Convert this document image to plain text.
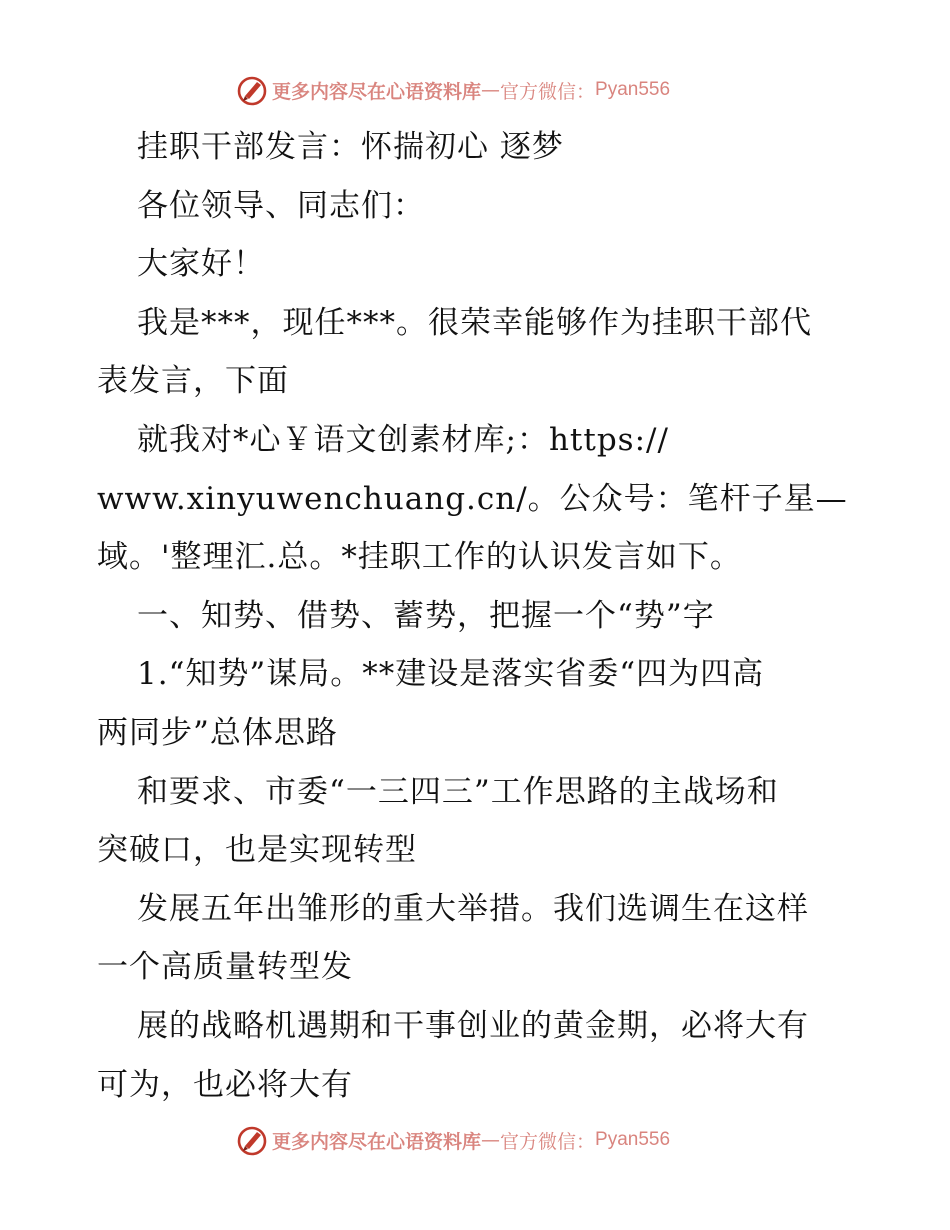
更多内容尽在心语资料库 — 官方微信： Pyan556
挂职干部发言：怀揣初心 逐梦
各位领导、同志们：
大家好！
我是***，现任***。很荣幸能够作为挂职干部代
表发言，下面
就我对*心￥语文创素材库;：https://
www.xinyuwenchuang.cn/。公众号：笔杆子星—
域。'整理汇.总。*挂职工作的认识发言如下。
一、知势、借势、蓄势，把握一个“势”字
1.“知势”谋局。**建设是落实省委“四为四高
两同步”总体思路
和要求、市委“一三四三”工作思路的主战场和
突破口，也是实现转型
发展五年出雏形的重大举措。我们选调生在这样
一个高质量转型发
展的战略机遇期和干事创业的黄金期，必将大有
可为，也必将大有
更多内容尽在心语资料库 — 官方微信： Pyan556
